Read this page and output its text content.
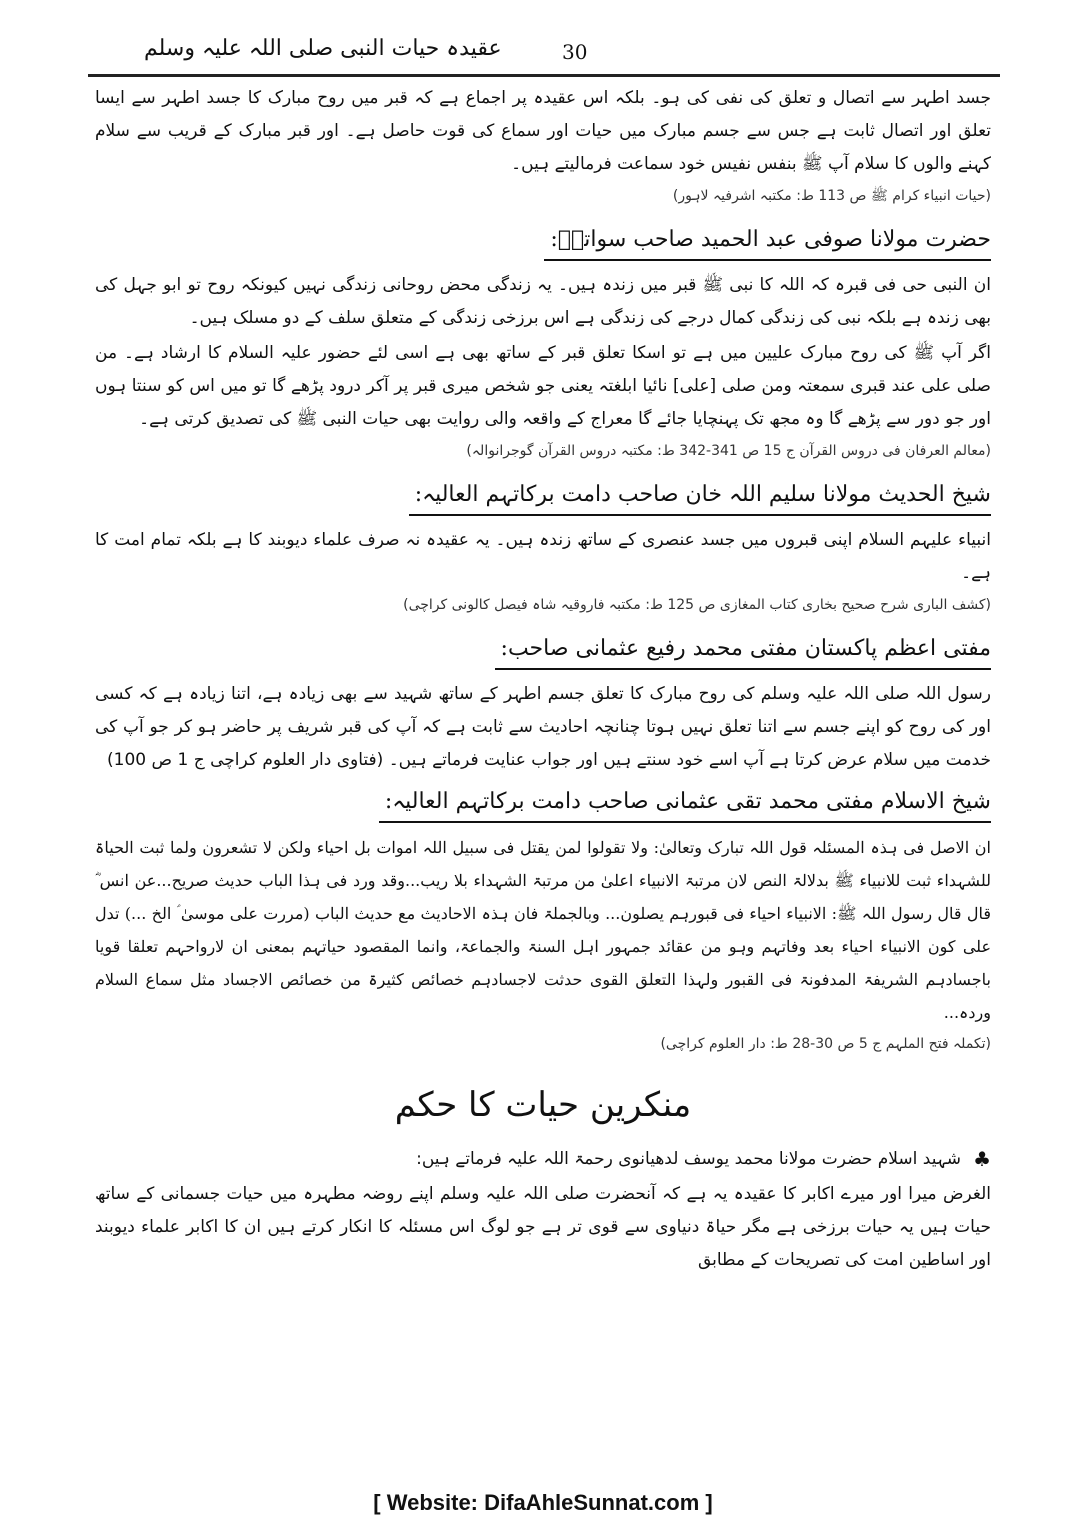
عقیدہ حیات النبی صلی اللہ علیہ وسلم	30

جسد اطہر سے اتصال و تعلق کی نفی کی ہو۔ بلکہ اس عقیدہ پر اجماع ہے کہ قبر میں روح مبارک کا جسد اطہر سے ایسا تعلق اور اتصال ثابت ہے جس سے جسم مبارک میں حیات اور سماع کی قوت حاصل ہے۔ اور قبر مبارک کے قریب سے سلام کہنے والوں کا سلام آپ ﷺ بنفس نفیس خود سماعت فرمالیتے ہیں۔

(حیات انبیاء کرام ﷺ ص 113 ط: مکتبہ اشرفیہ لاہور)
حضرت مولانا صوفی عبد الحمید صاحب سواتیؒ:

ان النبی حی فی قبرہ کہ اللہ کا نبی ﷺ قبر میں زندہ ہیں۔ یہ زندگی محض روحانی زندگی نہیں کیونکہ روح تو ابو جہل کی بھی زندہ ہے بلکہ نبی کی زندگی کمال درجے کی زندگی ہے اس برزخی زندگی کے متعلق سلف کے دو مسلک ہیں۔

اگر آپ ﷺ کی روح مبارک علیین میں ہے تو اسکا تعلق قبر کے ساتھ بھی ہے اسی لئے حضور علیہ السلام کا ارشاد ہے۔ من صلی علی عند قبری سمعتہ ومن صلی [علی] نائیا ابلغتہ یعنی جو شخص میری قبر پر آکر درود پڑھے گا تو میں اس کو سنتا ہوں اور جو دور سے پڑھے گا وہ مجھ تک پہنچایا جائے گا معراج کے واقعہ والی روایت بھی حیات النبی ﷺ کی تصدیق کرتی ہے۔

(معالم العرفان فی دروس القرآن ج 15 ص 341-342 ط: مکتبہ دروس القرآن گوجرانوالہ)
شیخ الحدیث مولانا سلیم اللہ خان صاحب دامت برکاتہم العالیہ:

انبیاء علیہم السلام اپنی قبروں میں جسد عنصری کے ساتھ زندہ ہیں۔ یہ عقیدہ نہ صرف علماء دیوبند کا ہے بلکہ تمام امت کا ہے۔

(کشف الباری شرح صحیح بخاری کتاب المغازی ص 125 ط: مکتبہ فاروقیہ شاہ فیصل کالونی کراچی)
مفتی اعظم پاکستان مفتی محمد رفیع عثمانی صاحب:

رسول اللہ صلی اللہ علیہ وسلم کی روح مبارک کا تعلق جسم اطہر کے ساتھ شہید سے بھی زیادہ ہے، اتنا زیادہ ہے کہ کسی اور کی روح کو اپنے جسم سے اتنا تعلق نہیں ہوتا چنانچہ احادیث سے ثابت ہے کہ آپ کی قبر شریف پر حاضر ہو کر جو آپ کی خدمت میں سلام عرض کرتا ہے آپ اسے خود سنتے ہیں اور جواب عنایت فرماتے ہیں۔ (فتاوی دار العلوم کراچی ج 1 ص 100)

شیخ الاسلام مفتی محمد تقی عثمانی صاحب دامت برکاتہم العالیہ:

ان الاصل فی ہذہ المسئلہ قول اللہ تبارک وتعالیٰ: ولا تقولوا لمن یقتل فی سبیل اللہ اموات بل احیاء ولکن لا تشعرون ولما ثبت الحیاۃ للشہداء ثبت للانبیاء ﷺ بدلالۃ النص لان مرتبۃ الانبیاء اعلیٰ من مرتبۃ الشہداء بلا ریب...وقد ورد فی ہذا الباب حدیث صریح...عن انس ؓ قال قال رسول اللہ ﷺ: الانبیاء احیاء فی قبورہم یصلون... وبالجملۃ فان ہذہ الاحادیث مع حدیث الباب (مررت علی موسیٰ ؑ الخ ...) تدل علی کون الانبیاء احیاء بعد وفاتہم وہو من عقائد جمہور اہل السنۃ والجماعۃ، وانما المقصود حیاتہم بمعنی ان لارواحہم تعلقا قویا باجسادہم الشریفۃ المدفونۃ فی القبور ولہذا التعلق القوی حدثت لاجسادہم خصائص کثیرۃ من خصائص الاجساد مثل سماع السلام وردہ...

(تکملہ فتح الملہم ج 5 ص 30-28 ط: دار العلوم کراچی)
منکرین حیات کا حکم
♣
شہید اسلام حضرت مولانا محمد یوسف لدھیانوی رحمۃ اللہ علیہ فرماتے ہیں:

الغرض میرا اور میرے اکابر کا عقیدہ یہ ہے کہ آنحضرت صلی اللہ علیہ وسلم اپنے روضہ مطہرہ میں حیات جسمانی کے ساتھ حیات ہیں یہ حیات برزخی ہے مگر حیاۃ دنیاوی سے قوی تر ہے جو لوگ اس مسئلہ کا انکار کرتے ہیں ان کا اکابر علماء دیوبند اور اساطین امت کی تصریحات کے مطابق

[ Website: DifaAhleSunnat.com ]
